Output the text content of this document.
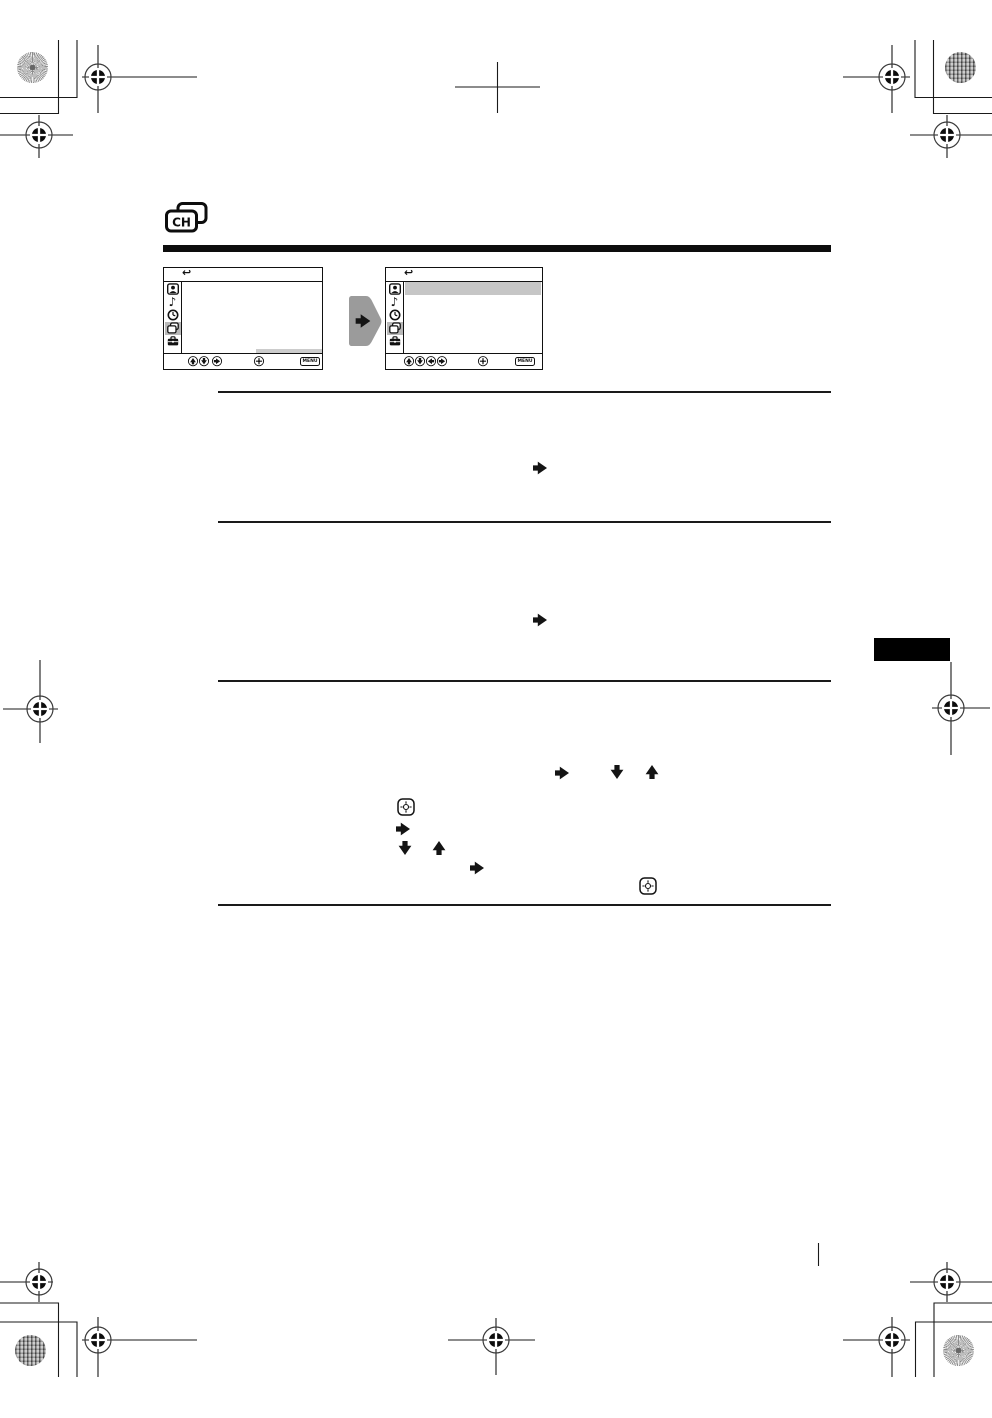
CH
↩
♪
MENU
↩
♪
MENU
